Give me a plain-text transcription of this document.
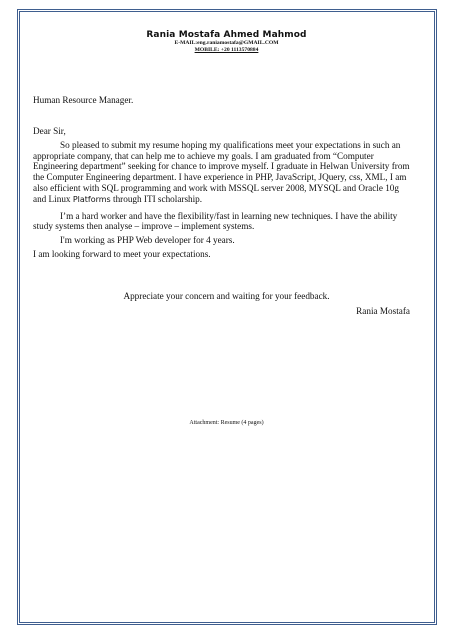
Rania Mostafa Ahmed Mahmod
E-MAIL:eng.raniamostafa@GMAIL.COM
MOBILE: +20 1113570884
Human Resource Manager.

Dear Sir,

So pleased to submit my resume hoping my qualifications meet your expectations in such an appropriate company, that can help me to achieve my goals. I am graduated from “Computer Engineering department” seeking for chance to improve myself. I graduate in Helwan University from the Computer Engineering department. I have experience in PHP, JavaScript, JQuery, css, XML, I am also efficient with SQL programming and work with MSSQL server 2008, MYSQL and Oracle 10g and Linux Platforms through ITI scholarship.

I’m a hard worker and have the flexibility/fast in learning new techniques. I have the ability study systems then analyse – improve – implement systems.

I'm working as PHP Web developer for 4 years.

I am looking forward to meet your expectations.

Appreciate your concern and waiting for your feedback.
Rania Mostafa
Attachment: Resume (4 pages)
